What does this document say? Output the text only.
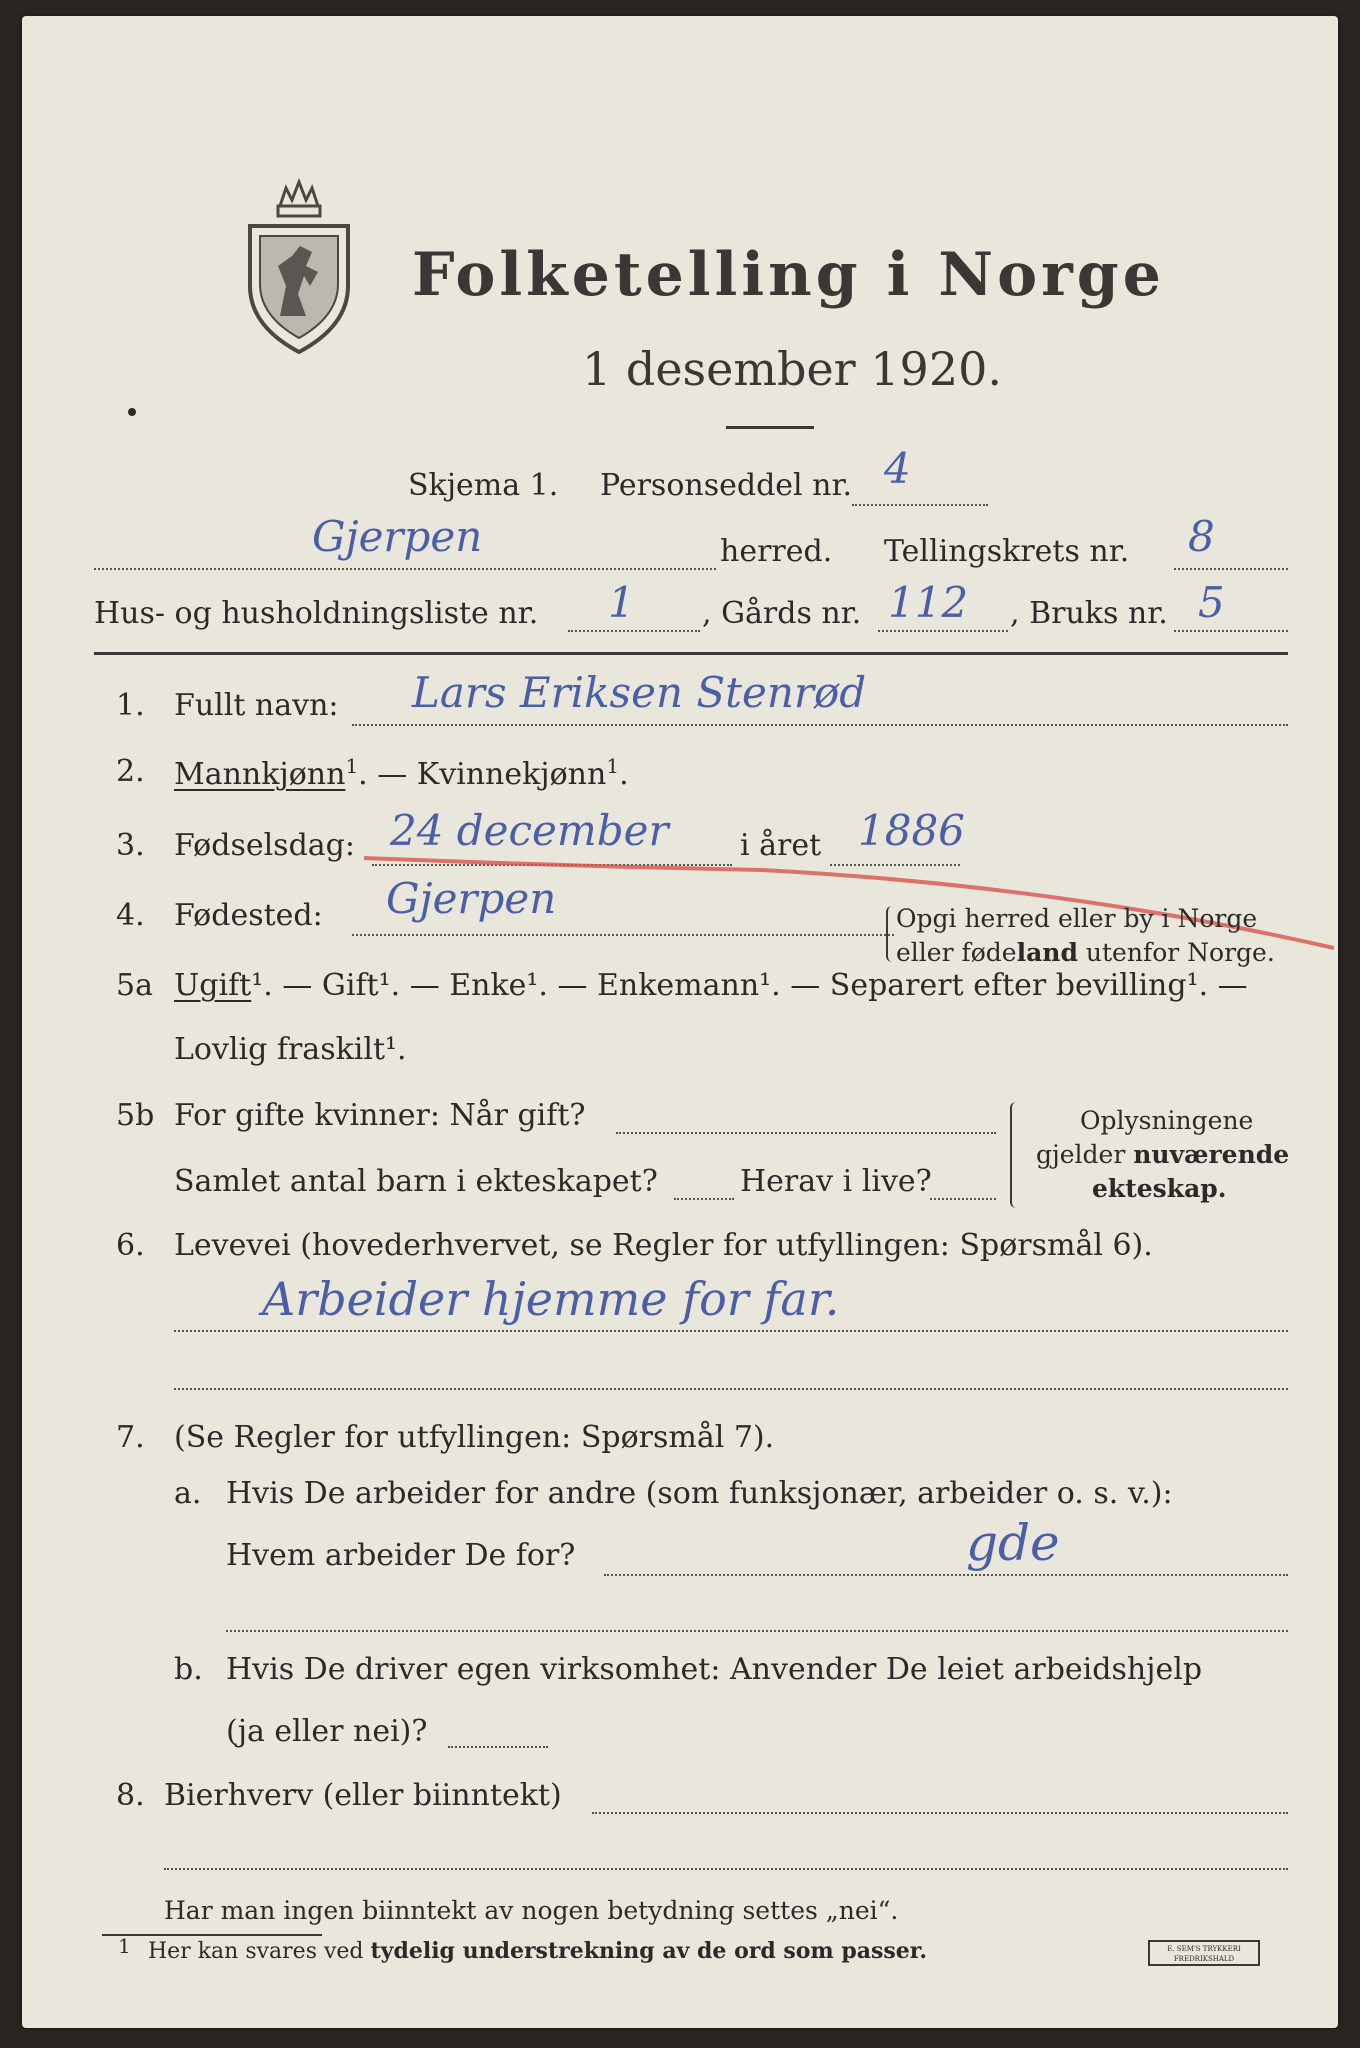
Folketelling i Norge
1 desember 1920.
Skjema 1. Personseddel nr. 4
Gjerpen	herred. Tellingskrets nr. 8
Hus- og husholdningsliste nr. 1 , Gårds nr. 112 , Bruks nr. 5
1. Fullt navn: Lars Eriksen Stenrød
2. Mannkjønn$^1$. — Kvinnekjønn$^1$.
3. Fødselsdag: 24 december i året 1886
4. Fødested: Gjerpen	Opgi herred eller by i Norge
eller fødeland utenfor Norge.
5a Ugift¹. — Gift¹. — Enke¹. — Enkemann¹. — Separert efter bevilling¹. —
Lovlig fraskilt¹.
5b For gifte kvinner: Når gift?
Samlet antal barn i ekteskapet?	Herav i live?
Oplysningene
gjelder nuværende
ekteskap.
6. Levevei (hovederhvervet, se Regler for utfyllingen: Spørsmål 6).
Arbeider hjemme for far.
7. (Se Regler for utfyllingen: Spørsmål 7).
a. Hvis De arbeider for andre (som funksjonær, arbeider o. s. v.):
Hvem arbeider De for?	gde
b. Hvis De driver egen virksomhet: Anvender De leiet arbeidshjelp
(ja eller nei)?
8. Bierhverv (eller biinntekt)
Har man ingen biinntekt av nogen betydning settes „nei“.
1 Her kan svares ved tydelig understrekning av de ord som passer.	E. SEM'S TRYKKERI FREDRIKSHALD
